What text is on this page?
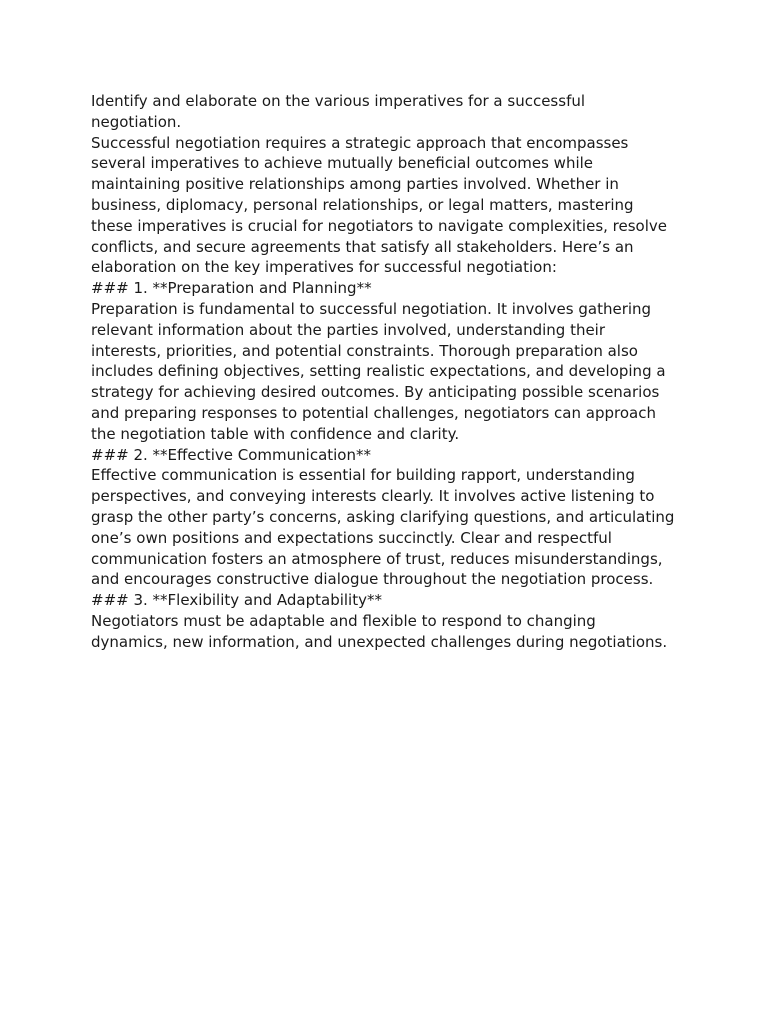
Identify and elaborate on the various imperatives for a successful
negotiation.

Successful negotiation requires a strategic approach that encompasses
several imperatives to achieve mutually beneficial outcomes while
maintaining positive relationships among parties involved. Whether in
business, diplomacy, personal relationships, or legal matters, mastering
these imperatives is crucial for negotiators to navigate complexities, resolve
conflicts, and secure agreements that satisfy all stakeholders. Here’s an
elaboration on the key imperatives for successful negotiation:

### 1. **Preparation and Planning**

Preparation is fundamental to successful negotiation. It involves gathering
relevant information about the parties involved, understanding their
interests, priorities, and potential constraints. Thorough preparation also
includes defining objectives, setting realistic expectations, and developing a
strategy for achieving desired outcomes. By anticipating possible scenarios
and preparing responses to potential challenges, negotiators can approach
the negotiation table with confidence and clarity.

### 2. **Effective Communication**

Effective communication is essential for building rapport, understanding
perspectives, and conveying interests clearly. It involves active listening to
grasp the other party’s concerns, asking clarifying questions, and articulating
one’s own positions and expectations succinctly. Clear and respectful
communication fosters an atmosphere of trust, reduces misunderstandings,
and encourages constructive dialogue throughout the negotiation process.

### 3. **Flexibility and Adaptability**

Negotiators must be adaptable and flexible to respond to changing
dynamics, new information, and unexpected challenges during negotiations.
